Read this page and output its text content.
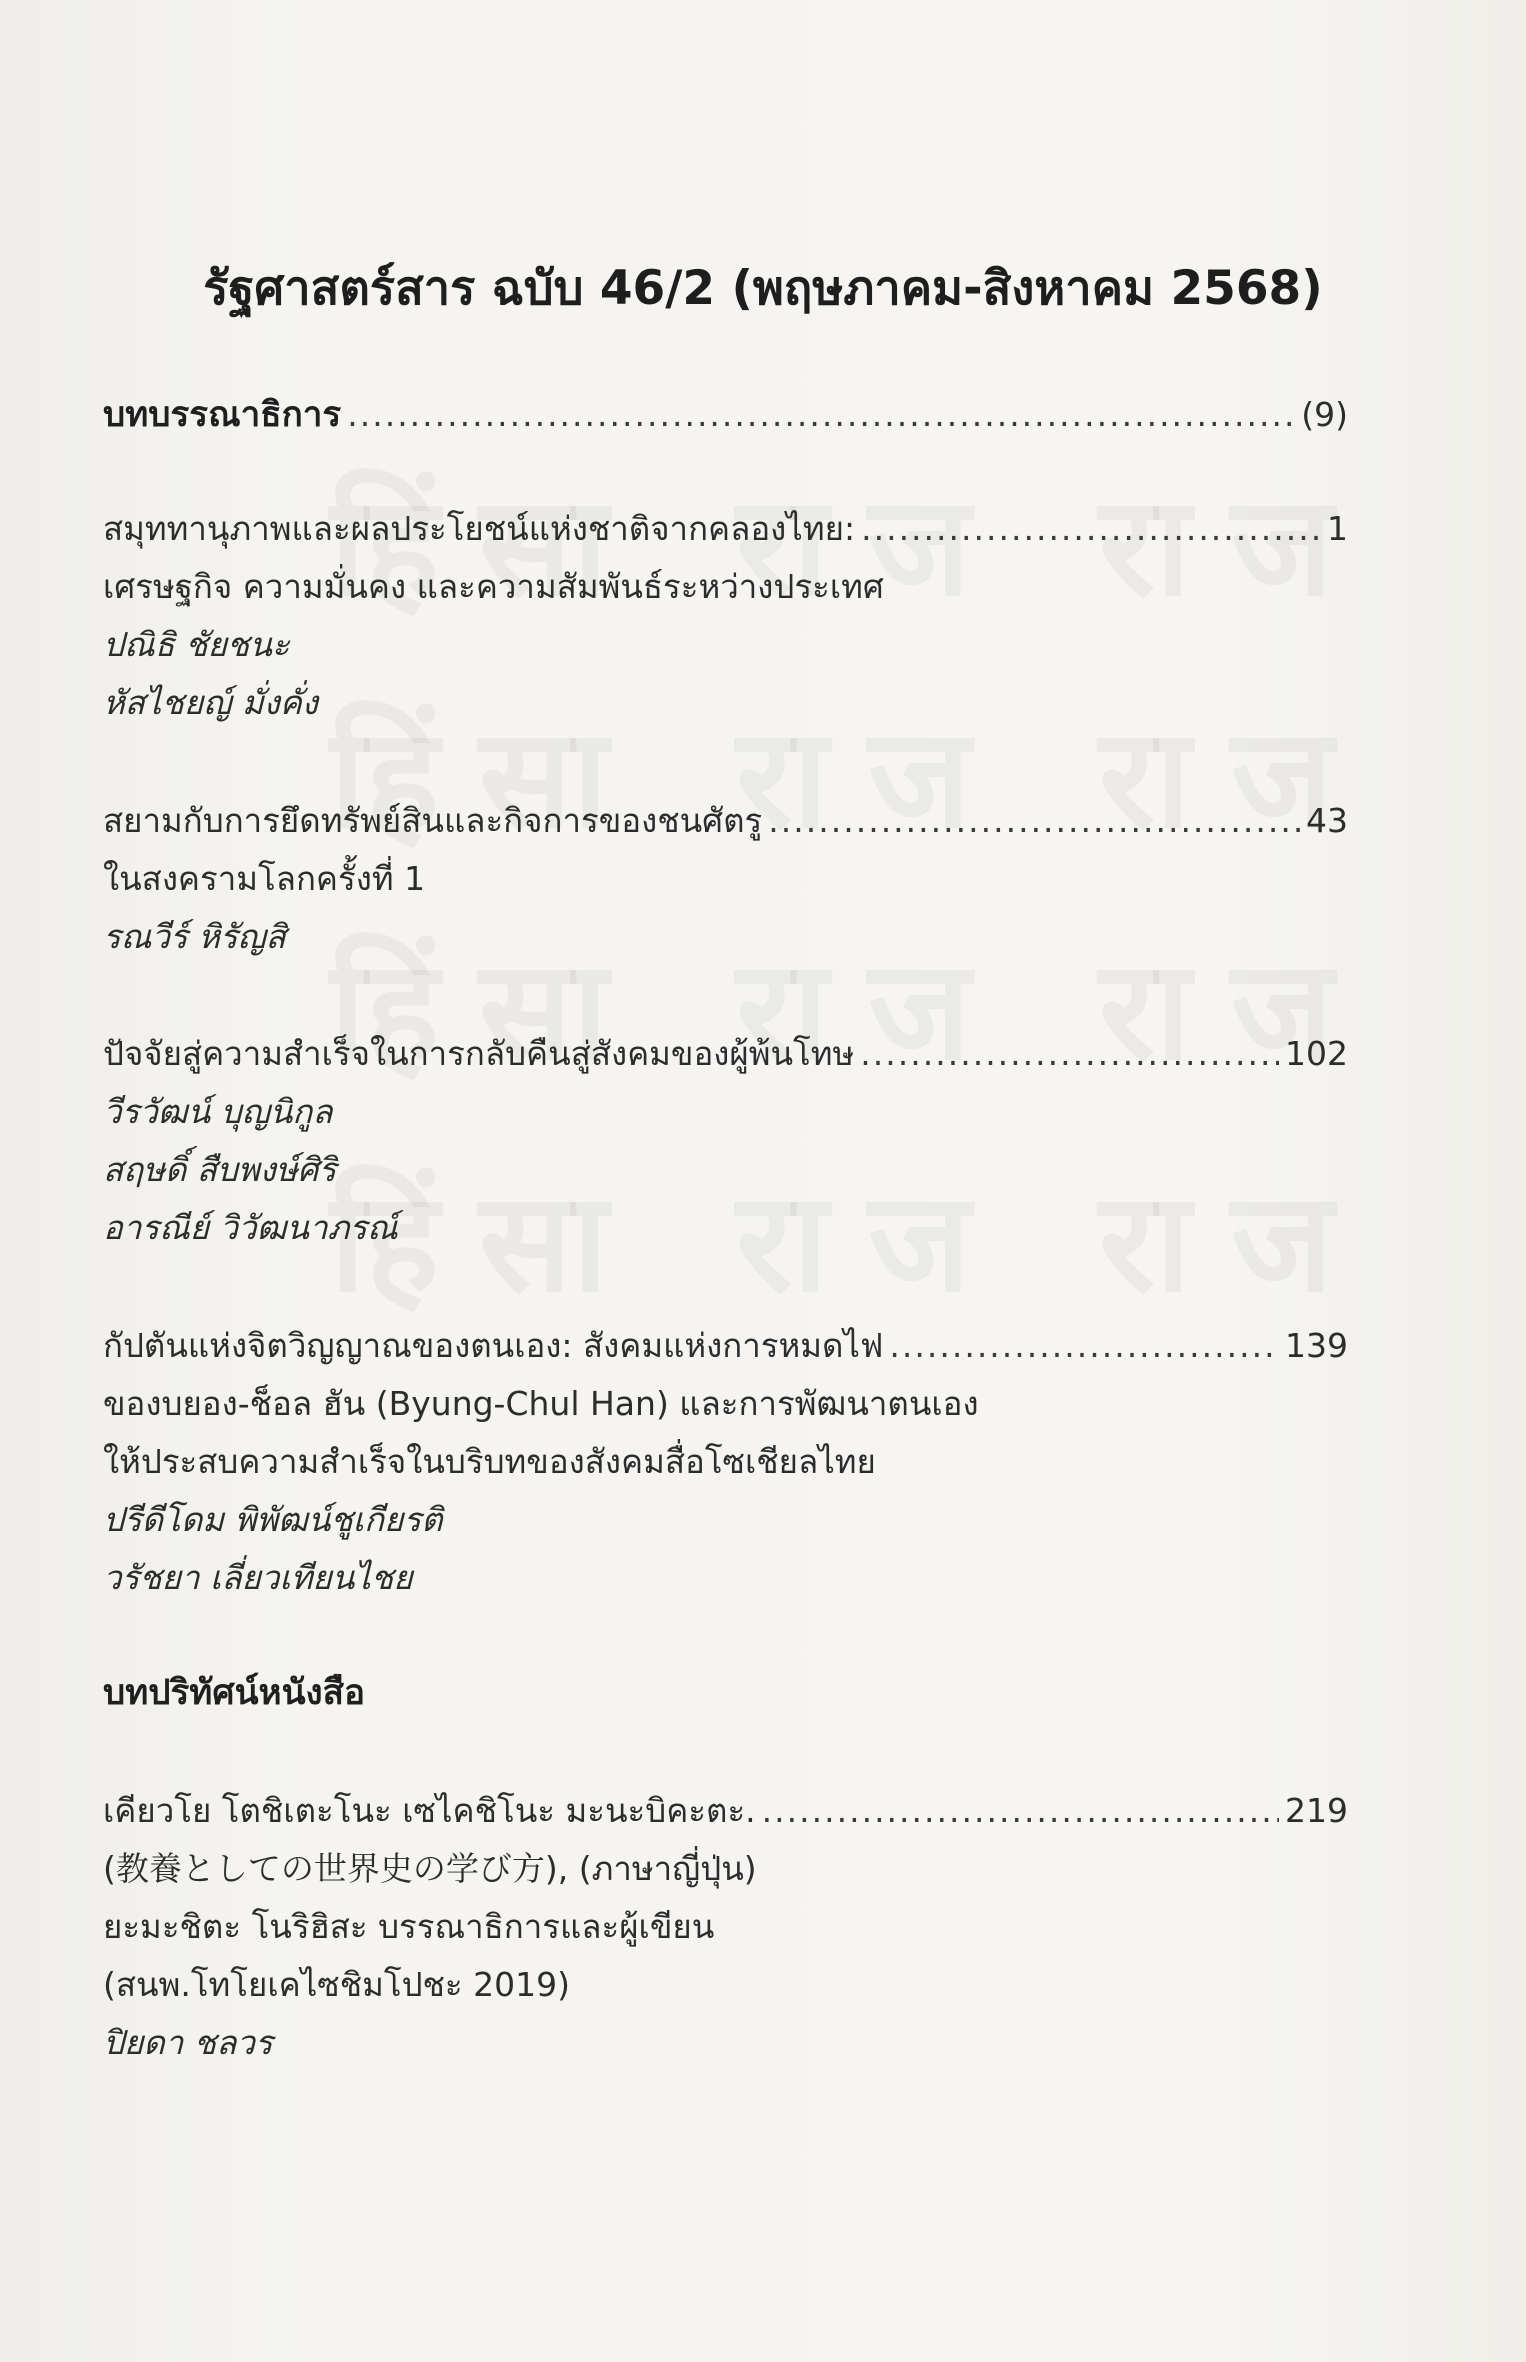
รัฐศาสตร์สาร ฉบับ 46/2 (พฤษภาคม-สิงหาคม 2568)
บทบรรณาธิการ .....	(9)
สมุททานุภาพและผลประโยชน์แห่งชาติจากคลองไทย: .....	1
เศรษฐกิจ ความมั่นคง และความสัมพันธ์ระหว่างประเทศ
ปณิธิ ชัยชนะ
หัสไชยญ์ มั่งคั่ง
สยามกับการยึดทรัพย์สินและกิจการของชนศัตรู .....	43
ในสงครามโลกครั้งที่ 1
รณวีร์ หิรัญสิ
ปัจจัยสู่ความสำเร็จในการกลับคืนสู่สังคมของผู้พ้นโทษ .....	102
วีรวัฒน์ บุญนิกูล
สฤษดิ์ สืบพงษ์ศิริ
อารณีย์ วิวัฒนาภรณ์
กัปตันแห่งจิตวิญญาณของตนเอง: สังคมแห่งการหมดไฟ .....	139
ของบยอง-ช็อล ฮัน (Byung-Chul Han) และการพัฒนาตนเอง
ให้ประสบความสำเร็จในบริบทของสังคมสื่อโซเชียลไทย
ปรีดีโดม พิพัฒน์ชูเกียรติ
วรัชยา เลี่ยวเทียนไชย
บทปริทัศน์หนังสือ
เคียวโย โตชิเตะโนะ เซไคชิโนะ มะนะบิคะตะ. .....	219
(教養としての世界史の学び方), (ภาษาญี่ปุ่น)
ยะมะชิตะ โนริฮิสะ บรรณาธิการและผู้เขียน
(สนพ.โทโยเคไซชิมโปชะ 2019)
ปิยดา ชลวร
